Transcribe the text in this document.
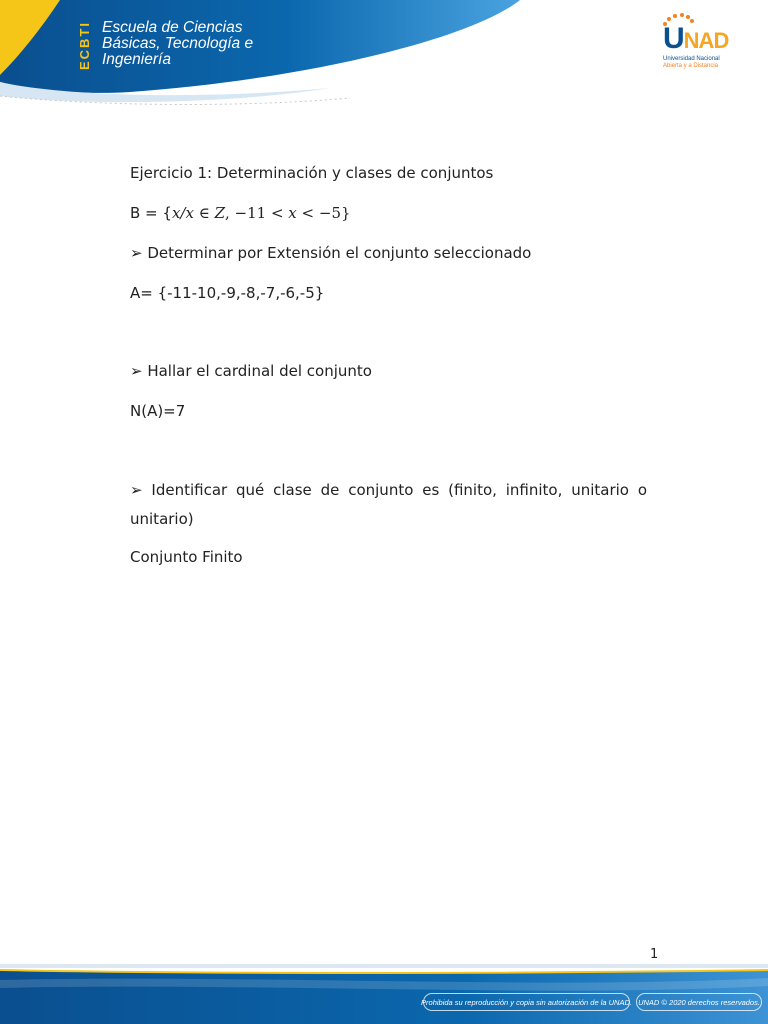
ECBTI Escuela de Ciencias
Básicas, Tecnología e
Ingeniería
UNAD
Universidad Nacional
Abierta y a Distancia
Ejercicio 1: Determinación y clases de conjuntos
B = {x/x ∈ Z, −11 < x < −5}
➢ Determinar por Extensión el conjunto seleccionado
A= {-11-10,-9,-8,-7,-6,-5}
➢ Hallar el cardinal del conjunto
N(A)=7
➢ Identificar qué clase de conjunto es (finito, infinito, unitario o unitario)
Conjunto Finito
1
Prohibida su reproducción y copia sin autorización de la UNAD. UNAD © 2020 derechos reservados.
